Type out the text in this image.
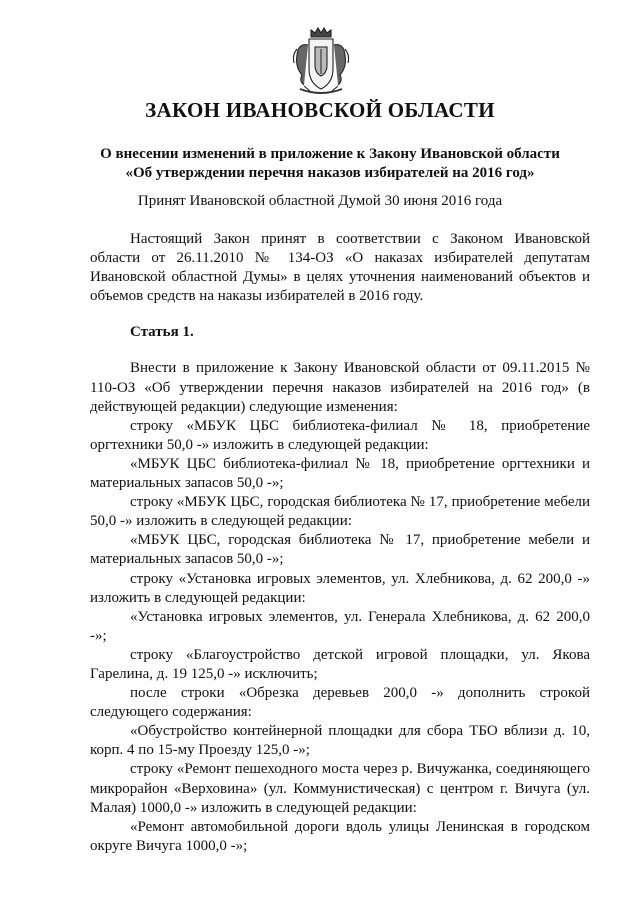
ЗАКОН ИВАНОВСКОЙ ОБЛАСТИ
О внесении изменений в приложение к Закону Ивановской области
«Об утверждении перечня наказов избирателей на 2016 год»
Принят Ивановской областной Думой 30 июня 2016 года

Настоящий Закон принят в соответствии с Законом Ивановской области от 26.11.2010 № 134-ОЗ «О наказах избирателей депутатам Ивановской областной Думы» в целях уточнения наименований объектов и объемов средств на наказы избирателей в 2016 году.

Статья 1.

Внести в приложение к Закону Ивановской области от 09.11.2015 № 110-ОЗ «Об утверждении перечня наказов избирателей на 2016 год» (в действующей редакции) следующие изменения:

строку «МБУК ЦБС библиотека-филиал № 18, приобретение оргтехники 50,0 -» изложить в следующей редакции:

«МБУК ЦБС библиотека-филиал № 18, приобретение оргтехники и материальных запасов 50,0 -»;

строку «МБУК ЦБС, городская библиотека № 17, приобретение мебели 50,0 -» изложить в следующей редакции:

«МБУК ЦБС, городская библиотека № 17, приобретение мебели и материальных запасов 50,0 -»;

строку «Установка игровых элементов, ул. Хлебникова, д. 62 200,0 -» изложить в следующей редакции:

«Установка игровых элементов, ул. Генерала Хлебникова, д. 62 200,0 -»;

строку «Благоустройство детской игровой площадки, ул. Якова Гарелина, д. 19 125,0 -» исключить;

после строки «Обрезка деревьев 200,0 -» дополнить строкой следующего содержания:

«Обустройство контейнерной площадки для сбора ТБО вблизи д. 10, корп. 4 по 15-му Проезду 125,0 -»;

строку «Ремонт пешеходного моста через р. Вичужанка, соединяющего микрорайон «Верховина» (ул. Коммунистическая) с центром г. Вичуга (ул. Малая) 1000,0 -» изложить в следующей редакции:

«Ремонт автомобильной дороги вдоль улицы Ленинская в городском округе Вичуга 1000,0 -»;
